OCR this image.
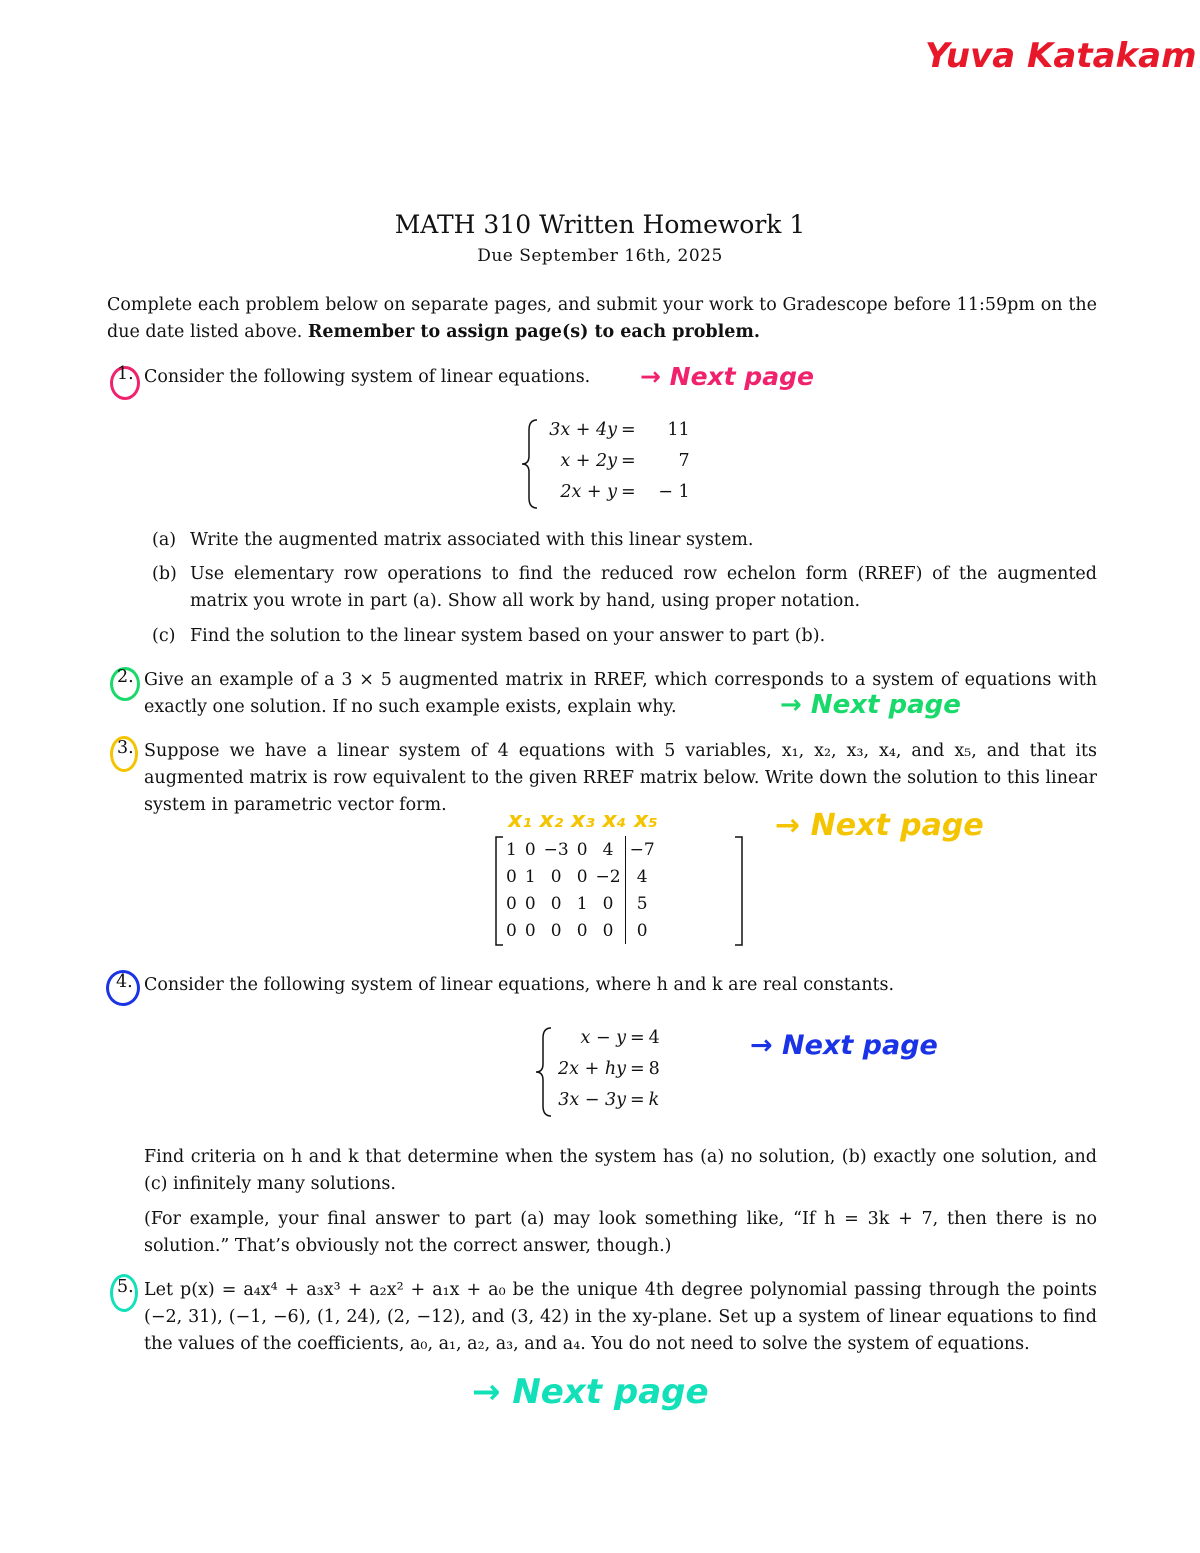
Yuva Katakam
MATH 310 Written Homework 1
Due September 16th, 2025
Complete each problem below on separate pages, and submit your work to Gradescope before 11:59pm on the due date listed above. Remember to assign page(s) to each problem.
1. Consider the following system of linear equations.	→ Next page
3x + 4y	=	11
x + 2y	=	7
2x + y	=	− 1
(a) Write the augmented matrix associated with this linear system.
(b) Use elementary row operations to find the reduced row echelon form (RREF) of the augmented matrix you wrote in part (a). Show all work by hand, using proper notation.
(c) Find the solution to the linear system based on your answer to part (b).
2. Give an example of a 3 × 5 augmented matrix in RREF, which corresponds to a system of equations with exactly one solution. If no such example exists, explain why.	→ Next page
3. Suppose we have a linear system of 4 equations with 5 variables, x₁, x₂, x₃, x₄, and x₅, and that its augmented matrix is row equivalent to the given RREF matrix below. Write down the solution to this linear system in parametric vector form.
x₁ x₂ x₃ x₄ x₅	→ Next page
1	0	−3	0	4	−7
0	1	0	0	−2	4
0	0	0	1	0	5
0	0	0	0	0	0
4. Consider the following system of linear equations, where h and k are real constants.
x − y	=	4
2x + hy	=	8
3x − 3y	=	k
→ Next page
Find criteria on h and k that determine when the system has (a) no solution, (b) exactly one solution, and (c) infinitely many solutions.
(For example, your final answer to part (a) may look something like, “If h = 3k + 7, then there is no solution.” That’s obviously not the correct answer, though.)
5. Let p(x) = a₄x⁴ + a₃x³ + a₂x² + a₁x + a₀ be the unique 4th degree polynomial passing through the points (−2, 31), (−1, −6), (1, 24), (2, −12), and (3, 42) in the xy-plane. Set up a system of linear equations to find the values of the coefficients, a₀, a₁, a₂, a₃, and a₄. You do not need to solve the system of equations.
→ Next page
